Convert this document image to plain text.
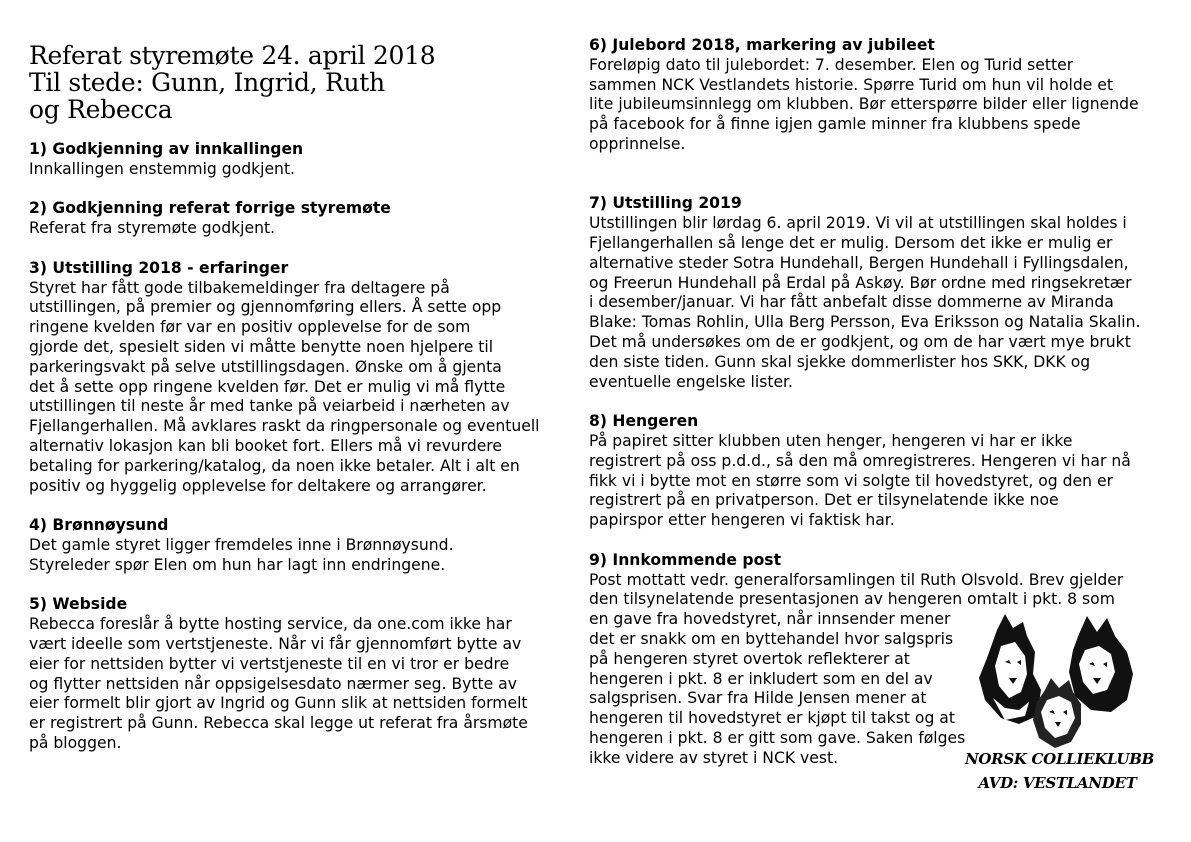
Referat styremøte 24. april 2018
Til stede: Gunn, Ingrid, Ruth
og Rebecca
1) Godkjenning av innkallingen
Innkallingen enstemmig godkjent.
2) Godkjenning referat forrige styremøte
Referat fra styremøte godkjent.
3) Utstilling 2018 - erfaringer
Styret har fått gode tilbakemeldinger fra deltagere på
utstillingen, på premier og gjennomføring ellers. Å sette opp
ringene kvelden før var en positiv opplevelse for de som
gjorde det, spesielt siden vi måtte benytte noen hjelpere til
parkeringsvakt på selve utstillingsdagen. Ønske om å gjenta
det å sette opp ringene kvelden før. Det er mulig vi må flytte
utstillingen til neste år med tanke på veiarbeid i nærheten av
Fjellangerhallen. Må avklares raskt da ringpersonale og eventuell
alternativ lokasjon kan bli booket fort. Ellers må vi revurdere
betaling for parkering/katalog, da noen ikke betaler. Alt i alt en
positiv og hyggelig opplevelse for deltakere og arrangører.
4) Brønnøysund
Det gamle styret ligger fremdeles inne i Brønnøysund.
Styreleder spør Elen om hun har lagt inn endringene.
5) Webside
Rebecca foreslår å bytte hosting service, da one.com ikke har
vært ideelle som vertstjeneste. Når vi får gjennomført bytte av
eier for nettsiden bytter vi vertstjeneste til en vi tror er bedre
og flytter nettsiden når oppsigelsesdato nærmer seg. Bytte av
eier formelt blir gjort av Ingrid og Gunn slik at nettsiden formelt
er registrert på Gunn. Rebecca skal legge ut referat fra årsmøte
på bloggen.
6) Julebord 2018, markering av jubileet
Foreløpig dato til julebordet: 7. desember. Elen og Turid setter
sammen NCK Vestlandets historie. Spørre Turid om hun vil holde et
lite jubileumsinnlegg om klubben. Bør etterspørre bilder eller lignende
på facebook for å finne igjen gamle minner fra klubbens spede
opprinnelse.
7) Utstilling 2019
Utstillingen blir lørdag 6. april 2019. Vi vil at utstillingen skal holdes i
Fjellangerhallen så lenge det er mulig. Dersom det ikke er mulig er
alternative steder Sotra Hundehall, Bergen Hundehall i Fyllingsdalen,
og Freerun Hundehall på Erdal på Askøy. Bør ordne med ringsekretær
i desember/januar. Vi har fått anbefalt disse dommerne av Miranda
Blake: Tomas Rohlin, Ulla Berg Persson, Eva Eriksson og Natalia Skalin.
Det må undersøkes om de er godkjent, og om de har vært mye brukt
den siste tiden. Gunn skal sjekke dommerlister hos SKK, DKK og
eventuelle engelske lister.
8) Hengeren
På papiret sitter klubben uten henger, hengeren vi har er ikke
registrert på oss p.d.d., så den må omregistreres. Hengeren vi har nå
fikk vi i bytte mot en større som vi solgte til hovedstyret, og den er
registrert på en privatperson. Det er tilsynelatende ikke noe
papirspor etter hengeren vi faktisk har.
9) Innkommende post
Post mottatt vedr. generalforsamlingen til Ruth Olsvold. Brev gjelder
den tilsynelatende presentasjonen av hengeren omtalt i pkt. 8 som
en gave fra hovedstyret, når innsender mener
det er snakk om en byttehandel hvor salgspris
på hengeren styret overtok reflekterer at
hengeren i pkt. 8 er inkludert som en del av
salgsprisen. Svar fra Hilde Jensen mener at
hengeren til hovedstyret er kjøpt til takst og at
hengeren i pkt. 8 er gitt som gave. Saken følges
ikke videre av styret i NCK vest.	NORSK COLLIEKLUBB
AVD: VESTLANDET
